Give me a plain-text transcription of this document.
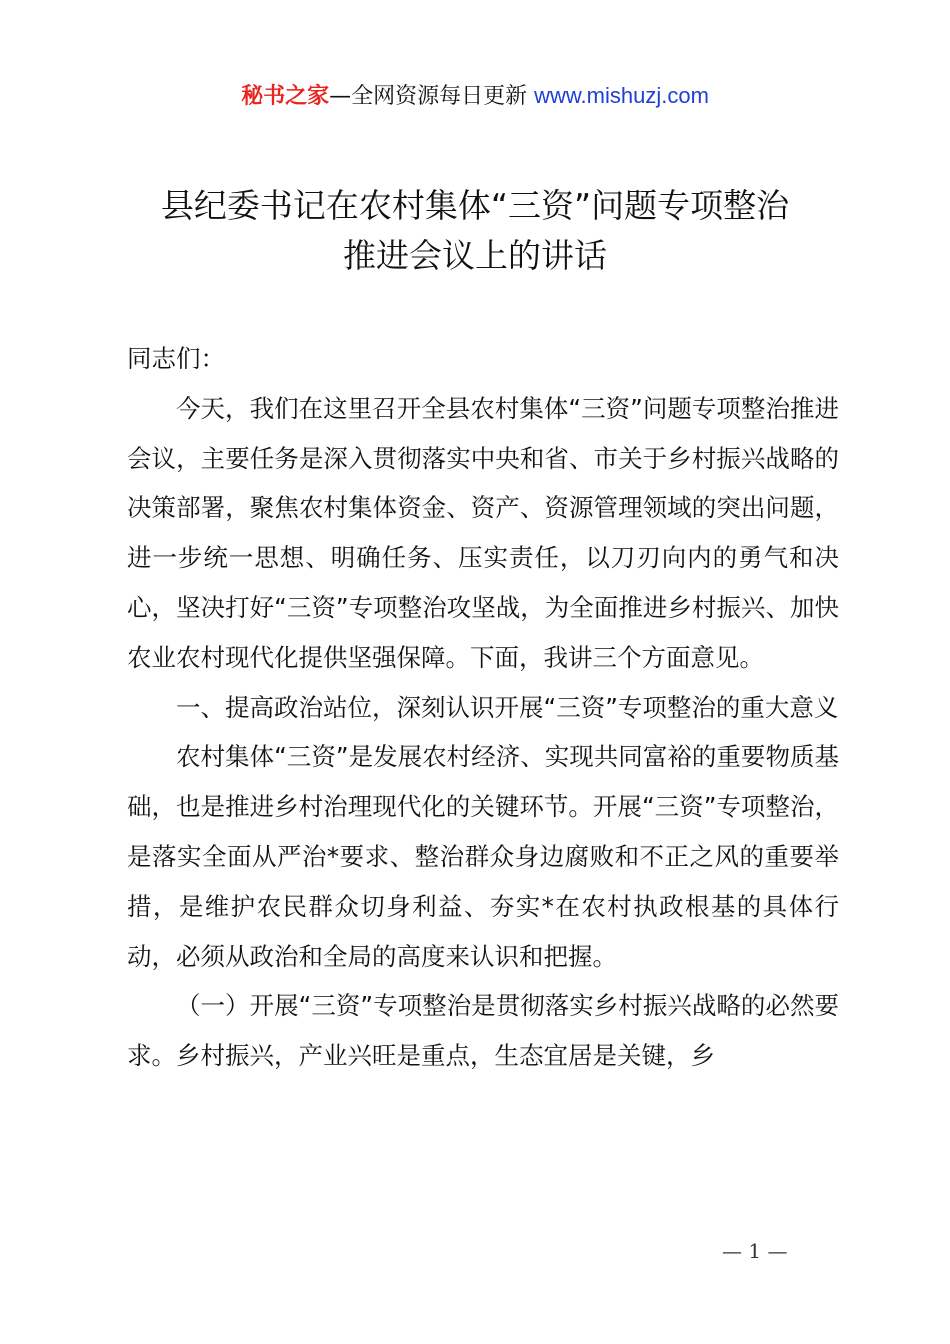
秘书之家—全网资源每日更新 www.mishuzj.com
县纪委书记在农村集体“三资”问题专项整治
推进会议上的讲话

同志们：

今天，我们在这里召开全县农村集体“三资”问题专项整治推进会议，主要任务是深入贯彻落实中央和省、市关于乡村振兴战略的决策部署，聚焦农村集体资金、资产、资源管理领域的突出问题，进一步统一思想、明确任务、压实责任，以刀刃向内的勇气和决心，坚决打好“三资”专项整治攻坚战，为全面推进乡村振兴、加快农业农村现代化提供坚强保障。下面，我讲三个方面意见。

一、提高政治站位，深刻认识开展“三资”专项整治的重大意义

农村集体“三资”是发展农村经济、实现共同富裕的重要物质基础，也是推进乡村治理现代化的关键环节。开展“三资”专项整治，是落实全面从严治*要求、整治群众身边腐败和不正之风的重要举措，是维护农民群众切身利益、夯实*在农村执政根基的具体行动，必须从政治和全局的高度来认识和把握。

（一）开展“三资”专项整治是贯彻落实乡村振兴战略的必然要求。乡村振兴，产业兴旺是重点，生态宜居是关键，乡

— 1 —
